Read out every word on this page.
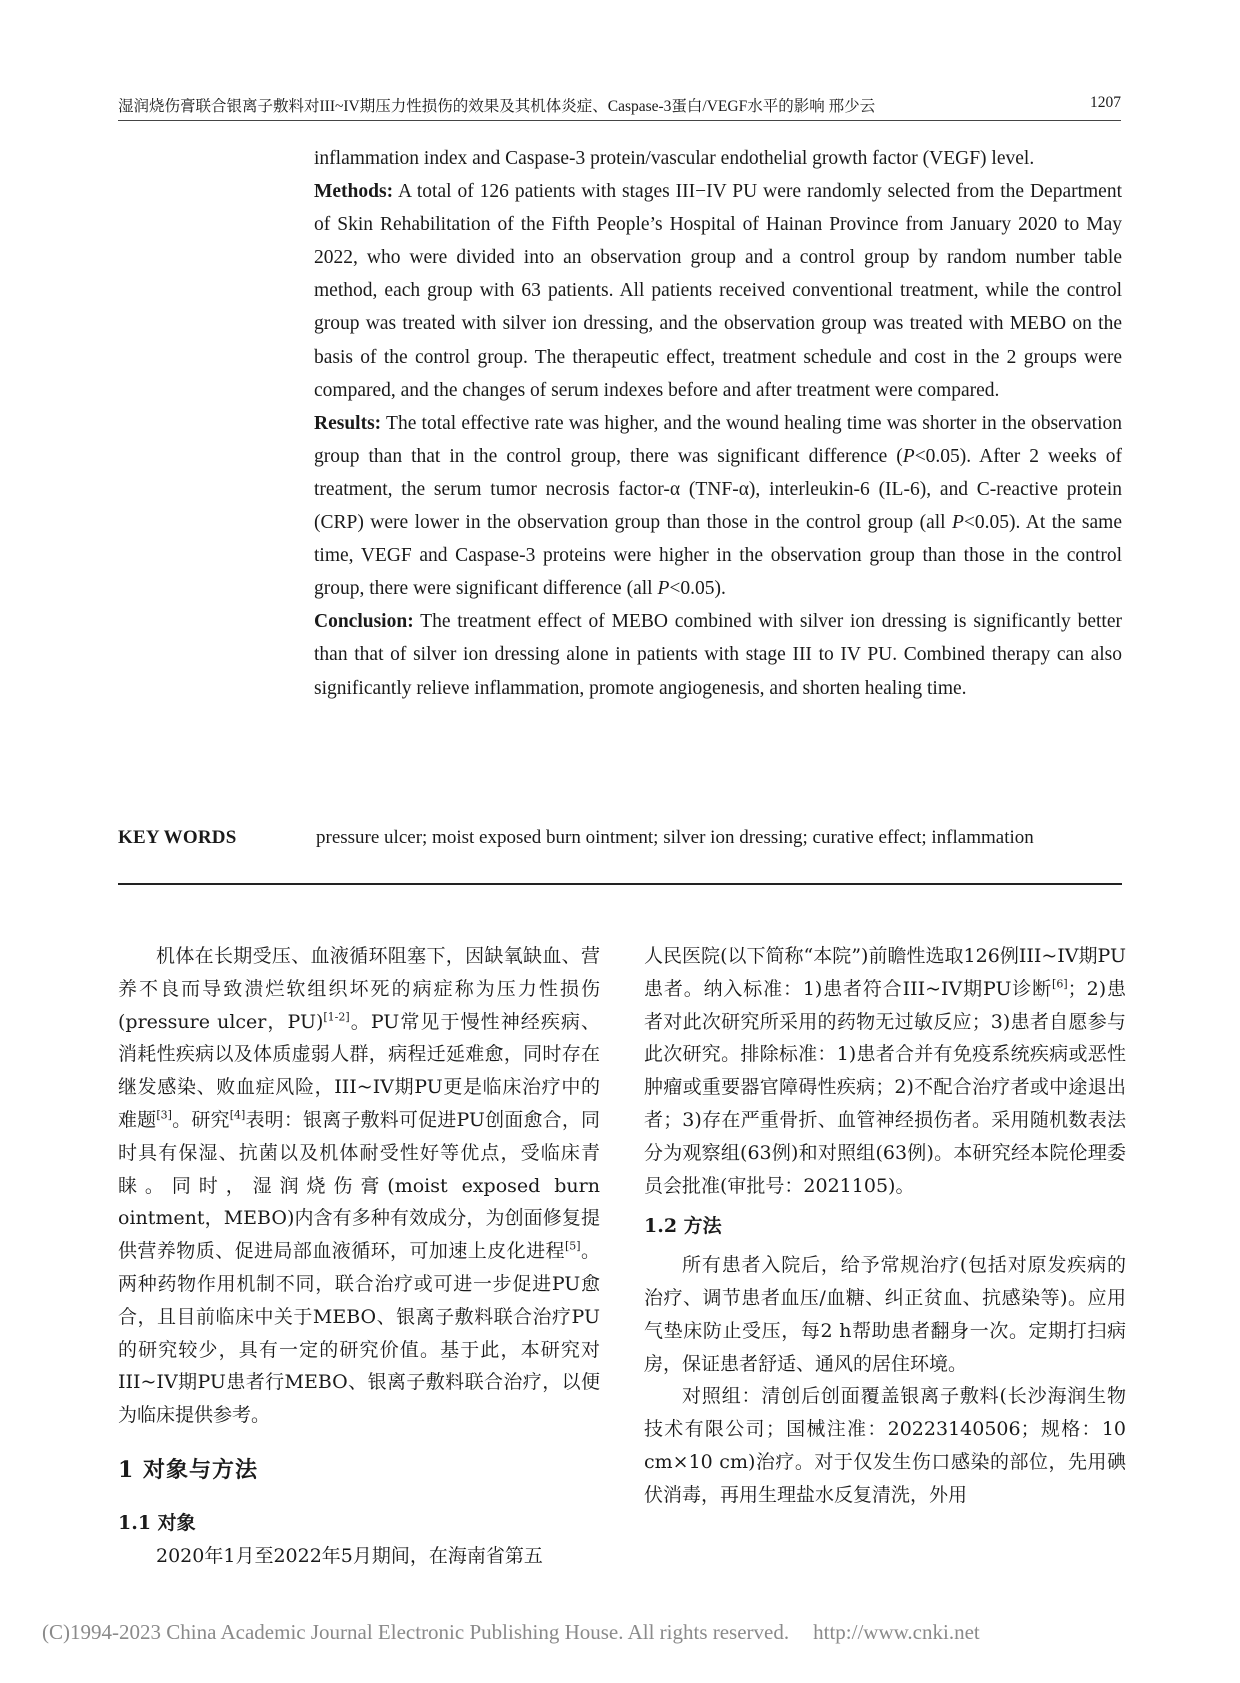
湿润烧伤膏联合银离子敷料对III~IV期压力性损伤的效果及其机体炎症、Caspase-3蛋白/VEGF水平的影响 邢少云	1207

inflammation index and Caspase-3 protein/vascular endothelial growth factor (VEGF) level.

Methods: A total of 126 patients with stages III−IV PU were randomly selected from the Department of Skin Rehabilitation of the Fifth People’s Hospital of Hainan Province from January 2020 to May 2022, who were divided into an observation group and a control group by random number table method, each group with 63 patients. All patients received conventional treatment, while the control group was treated with silver ion dressing, and the observation group was treated with MEBO on the basis of the control group. The therapeutic effect, treatment schedule and cost in the 2 groups were compared, and the changes of serum indexes before and after treatment were compared.

Results: The total effective rate was higher, and the wound healing time was shorter in the observation group than that in the control group, there was significant difference (P<0.05). After 2 weeks of treatment, the serum tumor necrosis factor-α (TNF-α), interleukin-6 (IL-6), and C-reactive protein (CRP) were lower in the observation group than those in the control group (all P<0.05). At the same time, VEGF and Caspase-3 proteins were higher in the observation group than those in the control group, there were significant difference (all P<0.05).

Conclusion: The treatment effect of MEBO combined with silver ion dressing is significantly better than that of silver ion dressing alone in patients with stage III to IV PU. Combined therapy can also significantly relieve inflammation, promote angiogenesis, and shorten healing time.

KEY WORDS	pressure ulcer; moist exposed burn ointment; silver ion dressing; curative effect; inflammation

机体在长期受压、血液循环阻塞下，因缺氧缺血、营养不良而导致溃烂软组织坏死的病症称为压力性损伤(pressure ulcer，PU)[1-2]。PU常见于慢性神经疾病、消耗性疾病以及体质虚弱人群，病程迁延难愈，同时存在继发感染、败血症风险，III~IV期PU更是临床治疗中的难题[3]。研究[4]表明：银离子敷料可促进PU创面愈合，同时具有保湿、抗菌以及机体耐受性好等优点，受临床青睐。同时，湿润烧伤膏(moist exposed burn ointment，MEBO)内含有多种有效成分，为创面修复提供营养物质、促进局部血液循环，可加速上皮化进程[5]。两种药物作用机制不同，联合治疗或可进一步促进PU愈合，且目前临床中关于MEBO、银离子敷料联合治疗PU的研究较少，具有一定的研究价值。基于此，本研究对III~IV期PU患者行MEBO、银离子敷料联合治疗，以便为临床提供参考。

1 对象与方法

1.1 对象

2020年1月至2022年5月期间，在海南省第五

人民医院(以下简称“本院”)前瞻性选取126例III~IV期PU患者。纳入标准：1)患者符合III~IV期PU诊断[6]；2)患者对此次研究所采用的药物无过敏反应；3)患者自愿参与此次研究。排除标准：1)患者合并有免疫系统疾病或恶性肿瘤或重要器官障碍性疾病；2)不配合治疗者或中途退出者；3)存在严重骨折、血管神经损伤者。采用随机数表法分为观察组(63例)和对照组(63例)。本研究经本院伦理委员会批准(审批号：2021105)。

1.2 方法

所有患者入院后，给予常规治疗(包括对原发疾病的治疗、调节患者血压/血糖、纠正贫血、抗感染等)。应用气垫床防止受压，每2 h帮助患者翻身一次。定期打扫病房，保证患者舒适、通风的居住环境。

对照组：清创后创面覆盖银离子敷料(长沙海润生物技术有限公司；国械注准：20223140506；规格：10 cm×10 cm)治疗。对于仅发生伤口感染的部位，先用碘伏消毒，再用生理盐水反复清洗，外用

(C)1994-2023 China Academic Journal Electronic Publishing House. All rights reserved. http://www.cnki.net
